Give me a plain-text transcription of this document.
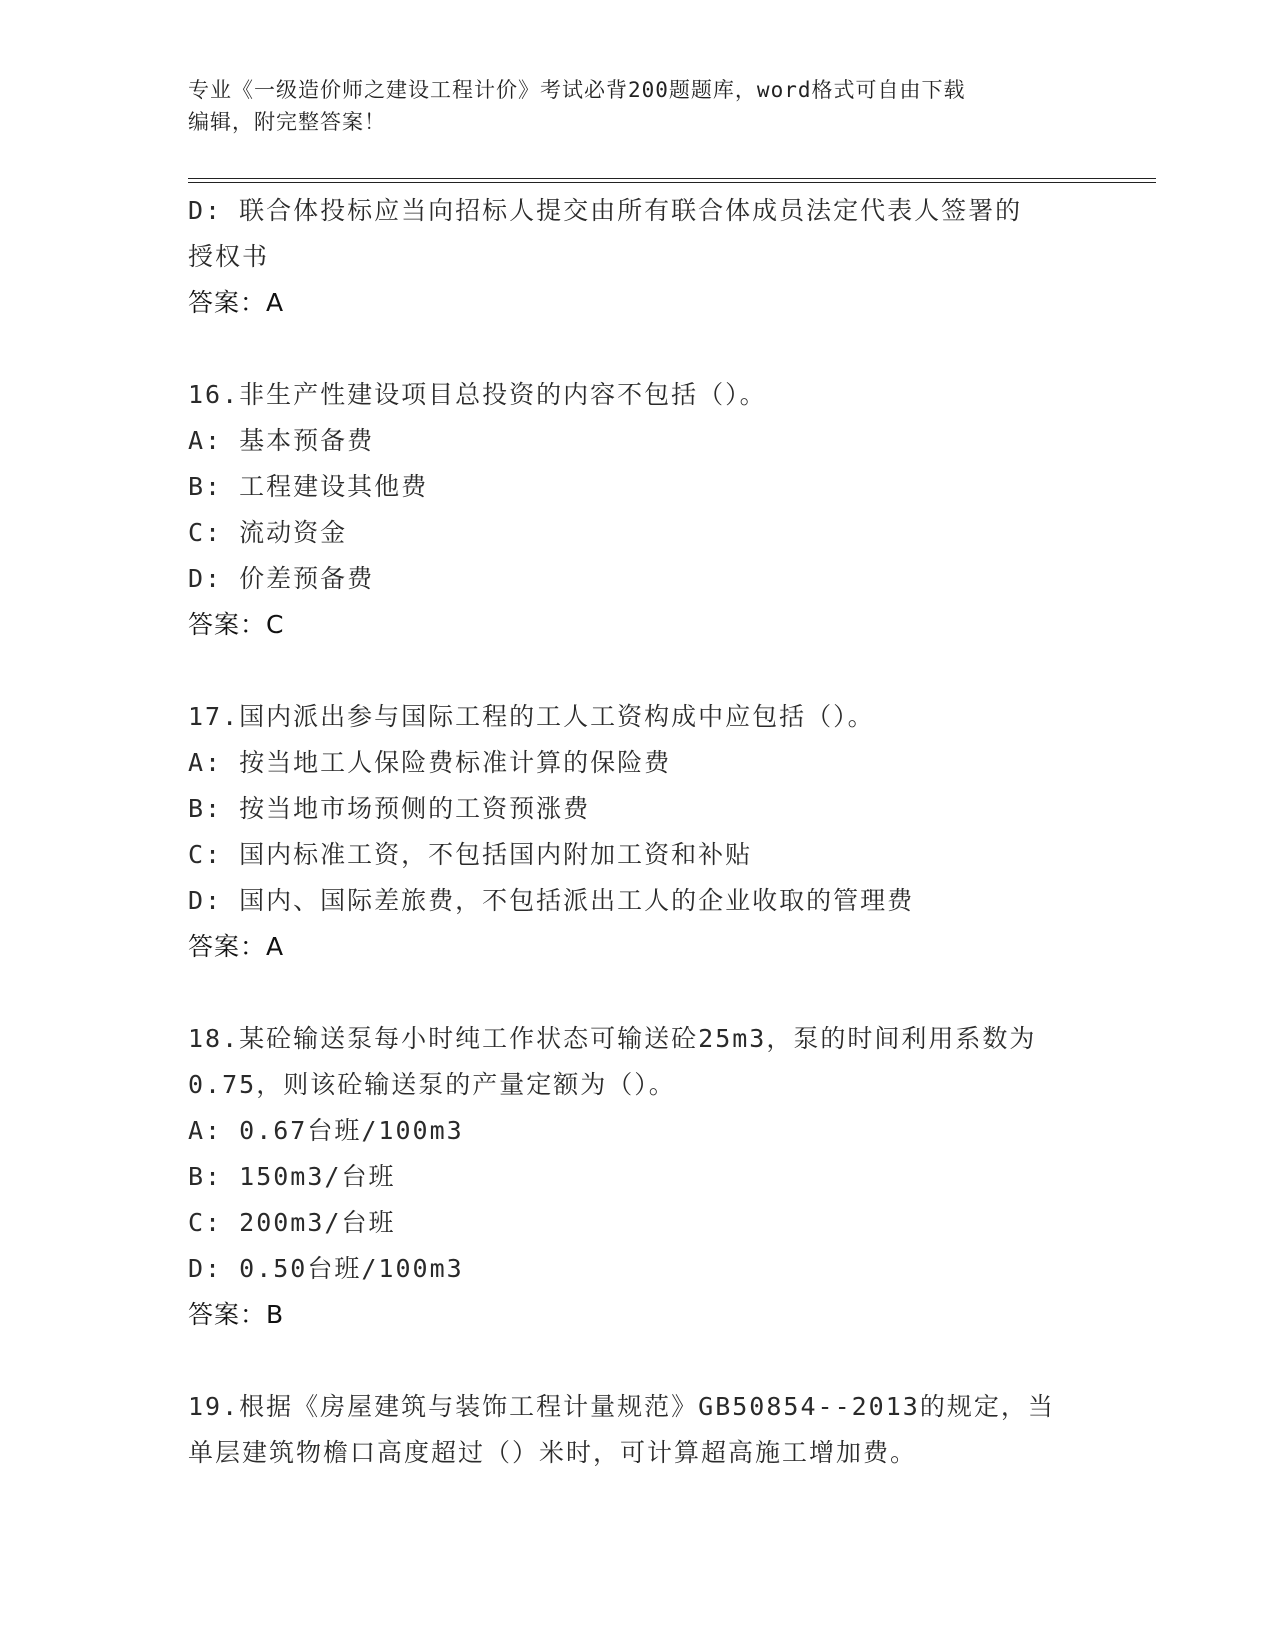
专业《一级造价师之建设工程计价》考试必背200题题库，word格式可自由下载
编辑，附完整答案！
D: 联合体投标应当向招标人提交由所有联合体成员法定代表人签署的
授权书
答案：A
16.非生产性建设项目总投资的内容不包括（）。
A: 基本预备费
B: 工程建设其他费
C: 流动资金
D: 价差预备费
答案：C
17.国内派出参与国际工程的工人工资构成中应包括（）。
A: 按当地工人保险费标准计算的保险费
B: 按当地市场预侧的工资预涨费
C: 国内标准工资，不包括国内附加工资和补贴
D: 国内、国际差旅费，不包括派出工人的企业收取的管理费
答案：A
18.某砼输送泵每小时纯工作状态可输送砼25m3，泵的时间利用系数为
0.75，则该砼输送泵的产量定额为（）。
A: 0.67台班/100m3
B: 150m3/台班
C: 200m3/台班
D: 0.50台班/100m3
答案：B
19.根据《房屋建筑与装饰工程计量规范》GB50854--2013的规定，当
单层建筑物檐口高度超过（）米时，可计算超高施工增加费。
